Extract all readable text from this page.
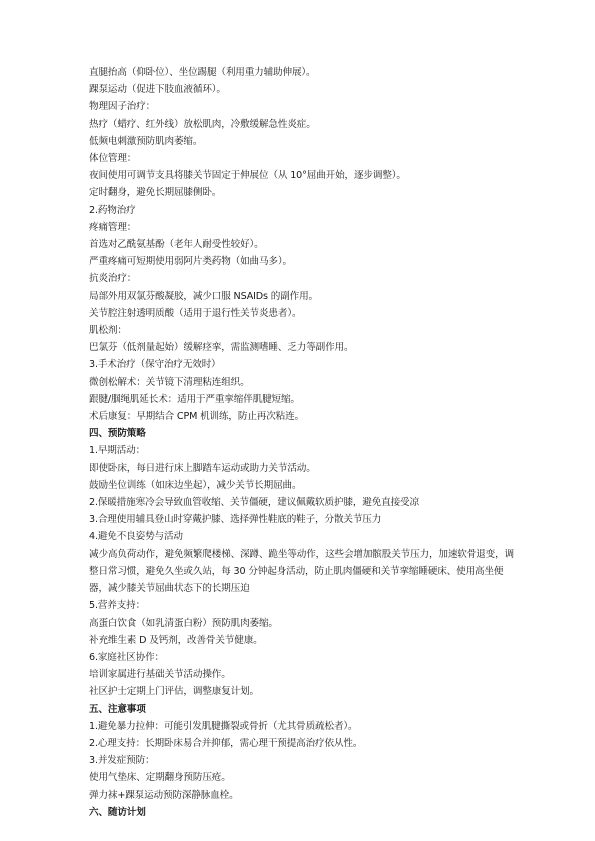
直腿抬高（仰卧位）、坐位踢腿（利用重力辅助伸展）。
踝泵运动（促进下肢血液循环）。
物理因子治疗：
热疗（蜡疗、红外线）放松肌肉，冷敷缓解急性炎症。
低频电刺激预防肌肉萎缩。
体位管理：
夜间使用可调节支具将膝关节固定于伸展位（从 10°屈曲开始，逐步调整）。
定时翻身，避免长期屈膝侧卧。
2.药物治疗
疼痛管理：
首选对乙酰氨基酚（老年人耐受性较好）。
严重疼痛可短期使用弱阿片类药物（如曲马多）。
抗炎治疗：
局部外用双氯芬酸凝胶，减少口服 NSAIDs 的副作用。
关节腔注射透明质酸（适用于退行性关节炎患者）。
肌松剂：
巴氯芬（低剂量起始）缓解痉挛，需监测嗜睡、乏力等副作用。
3.手术治疗（保守治疗无效时）
微创松解术：关节镜下清理粘连组织。
跟腱/腘绳肌延长术：适用于严重挛缩伴肌腱短缩。
术后康复：早期结合 CPM 机训练，防止再次粘连。
四、预防策略
1.早期活动：
即使卧床，每日进行床上脚踏车运动或助力关节活动。
鼓励坐位训练（如床边坐起），减少关节长期屈曲。
2.保暖措施寒冷会导致血管收缩、关节僵硬，建议佩戴软质护膝，避免直接受凉
3.合理使用辅具登山时穿戴护膝、选择弹性鞋底的鞋子，分散关节压力
4.避免不良姿势与活动
减少高负荷动作，避免频繁爬楼梯、深蹲、跪坐等动作，这些会增加髌股关节压力，加速软骨退变，调整日常习惯，避免久坐或久站，每 30 分钟起身活动，防止肌肉僵硬和关节挛缩睡硬床、使用高坐便器，减少膝关节屈曲状态下的长期压迫
5.营养支持：
高蛋白饮食（如乳清蛋白粉）预防肌肉萎缩。
补充维生素 D 及钙剂，改善骨关节健康。
6.家庭社区协作：
培训家属进行基础关节活动操作。
社区护士定期上门评估，调整康复计划。
五、注意事项
1.避免暴力拉伸：可能引发肌腱撕裂或骨折（尤其骨质疏松者）。
2.心理支持：长期卧床易合并抑郁，需心理干预提高治疗依从性。
3.并发症预防：
使用气垫床、定期翻身预防压疮。
弹力袜+踝泵运动预防深静脉血栓。
六、随访计划
